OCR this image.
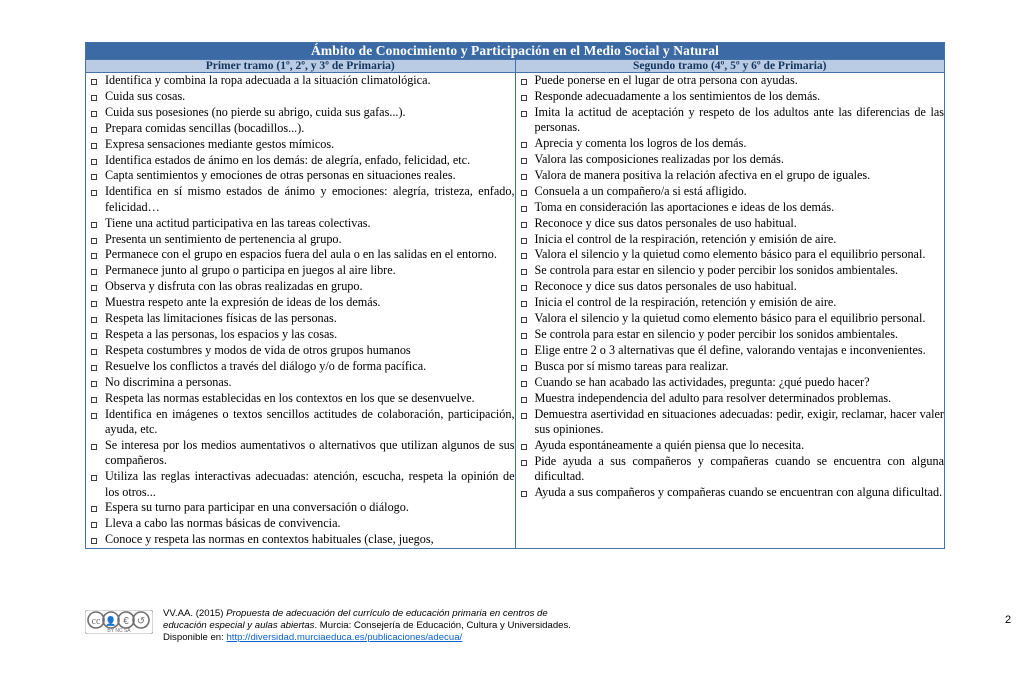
Ámbito de Conocimiento y Participación en el Medio Social y Natural	
Primer tramo (1º, 2º, y 3º de Primaria)	Segundo tramo (4º, 5º y 6º de Primaria)

Identifica y combina la ropa adecuada a la situación climatológica.
Cuida sus cosas.
Cuida sus posesiones (no pierde su abrigo, cuida sus gafas...).
Prepara comidas sencillas (bocadillos...).
Expresa sensaciones mediante gestos mímicos.
Identifica estados de ánimo en los demás: de alegría, enfado, felicidad, etc.
Capta sentimientos y emociones de otras personas en situaciones reales.
Identifica en sí mismo estados de ánimo y emociones: alegría, tristeza, enfado, felicidad…
Tiene una actitud participativa en las tareas colectivas.
Presenta un sentimiento de pertenencia al grupo.
Permanece con el grupo en espacios fuera del aula o en las salidas en el entorno.
Permanece junto al grupo o participa en juegos al aire libre.
Observa y disfruta con las obras realizadas en grupo.
Muestra respeto ante la expresión de ideas de los demás.
Respeta las limitaciones físicas de las personas.
Respeta a las personas, los espacios y las cosas.
Respeta costumbres y modos de vida de otros grupos humanos
Resuelve los conflictos a través del diálogo y/o de forma pacífica.
No discrimina a personas.
Respeta las normas establecidas en los contextos en los que se desenvuelve.
Identifica en imágenes o textos sencillos actitudes de colaboración, participación, ayuda, etc.
Se interesa por los medios aumentativos o alternativos que utilizan algunos de sus compañeros.
Utiliza las reglas interactivas adecuadas: atención, escucha, respeta la opinión de los otros...
Espera su turno para participar en una conversación o diálogo.
Lleva a cabo las normas básicas de convivencia.
Conoce y respeta las normas en contextos habituales (clase, juegos,

Puede ponerse en el lugar de otra persona con ayudas.
Responde adecuadamente a los sentimientos de los demás.
Imita la actitud de aceptación y respeto de los adultos ante las diferencias de las personas.
Aprecia y comenta los logros de los demás.
Valora las composiciones realizadas por los demás.
Valora de manera positiva la relación afectiva en el grupo de iguales.
Consuela a un compañero/a si está afligido.
Toma en consideración las aportaciones e ideas de los demás.
Reconoce y dice sus datos personales de uso habitual.
Inicia el control de la respiración, retención y emisión de aire.
Valora el silencio y la quietud como elemento básico para el equilibrio personal.
Se controla para estar en silencio y poder percibir los sonidos ambientales.
Reconoce y dice sus datos personales de uso habitual.
Inicia el control de la respiración, retención y emisión de aire.
Valora el silencio y la quietud como elemento básico para el equilibrio personal.
Se controla para estar en silencio y poder percibir los sonidos ambientales.
Elige entre 2 o 3 alternativas que él define, valorando ventajas e inconvenientes.
Busca por sí mismo tareas para realizar.
Cuando se han acabado las actividades, pregunta: ¿qué puedo hacer?
Muestra independencia del adulto para resolver determinados problemas.
Demuestra asertividad en situaciones adecuadas: pedir, exigir, reclamar, hacer valer sus opiniones.
Ayuda espontáneamente a quién piensa que lo necesita.
Pide ayuda a sus compañeros y compañeras cuando se encuentra con alguna dificultad.
Ayuda a sus compañeros y compañeras cuando se encuentran con alguna dificultad.
cc 👤 € ↺
BY NC SA
VV.AA. (2015) Propuesta de adecuación del currículo de educación primaria en centros de
educación especial y aulas abiertas. Murcia: Consejería de Educación, Cultura y Universidades.
Disponible en: http://diversidad.murciaeduca.es/publicaciones/adecua/
2
